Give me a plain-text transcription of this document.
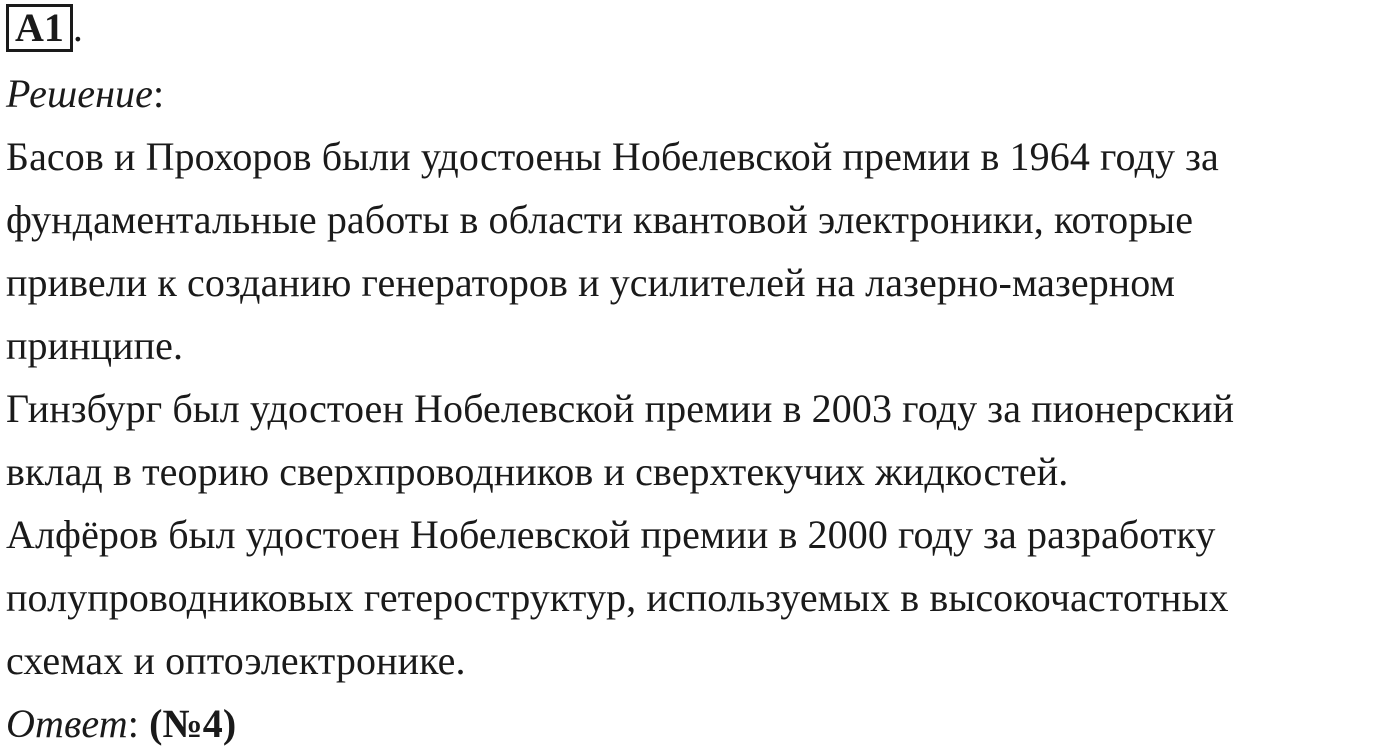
A1 .
Решение:
Басов и Прохоров были удостоены Нобелевской премии в 1964 году за
фундаментальные работы в области квантовой электроники, которые
привели к созданию генераторов и усилителей на лазерно-мазерном
принципе.
Гинзбург был удостоен Нобелевской премии в 2003 году за пионерский
вклад в теорию сверхпроводников и сверхтекучих жидкостей.
Алфёров был удостоен Нобелевской премии в 2000 году за разработку
полупроводниковых гетероструктур, используемых в высокочастотных
схемах и оптоэлектронике.
Ответ: (№4)
